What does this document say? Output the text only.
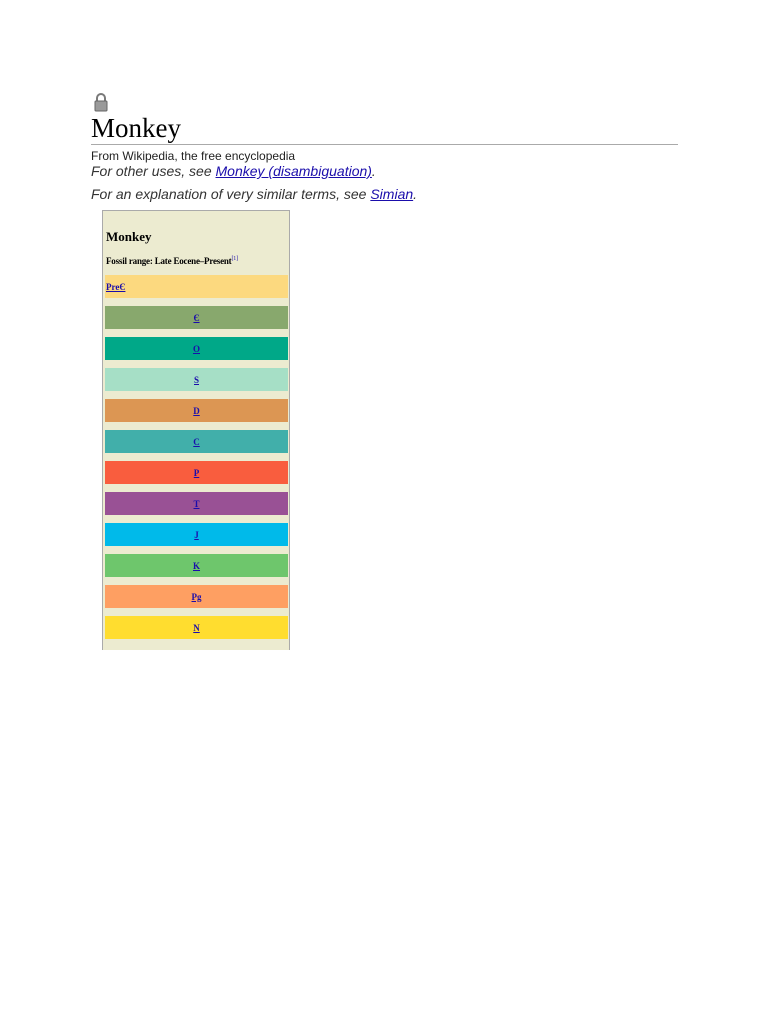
Monkey
From Wikipedia, the free encyclopedia
For other uses, see Monkey (disambiguation).
For an explanation of very similar terms, see Simian.
Monkey
Fossil range: Late Eocene–Present[1]
PreЄ
Є
O
S
D
C
P
T
J
K
Pg
N
